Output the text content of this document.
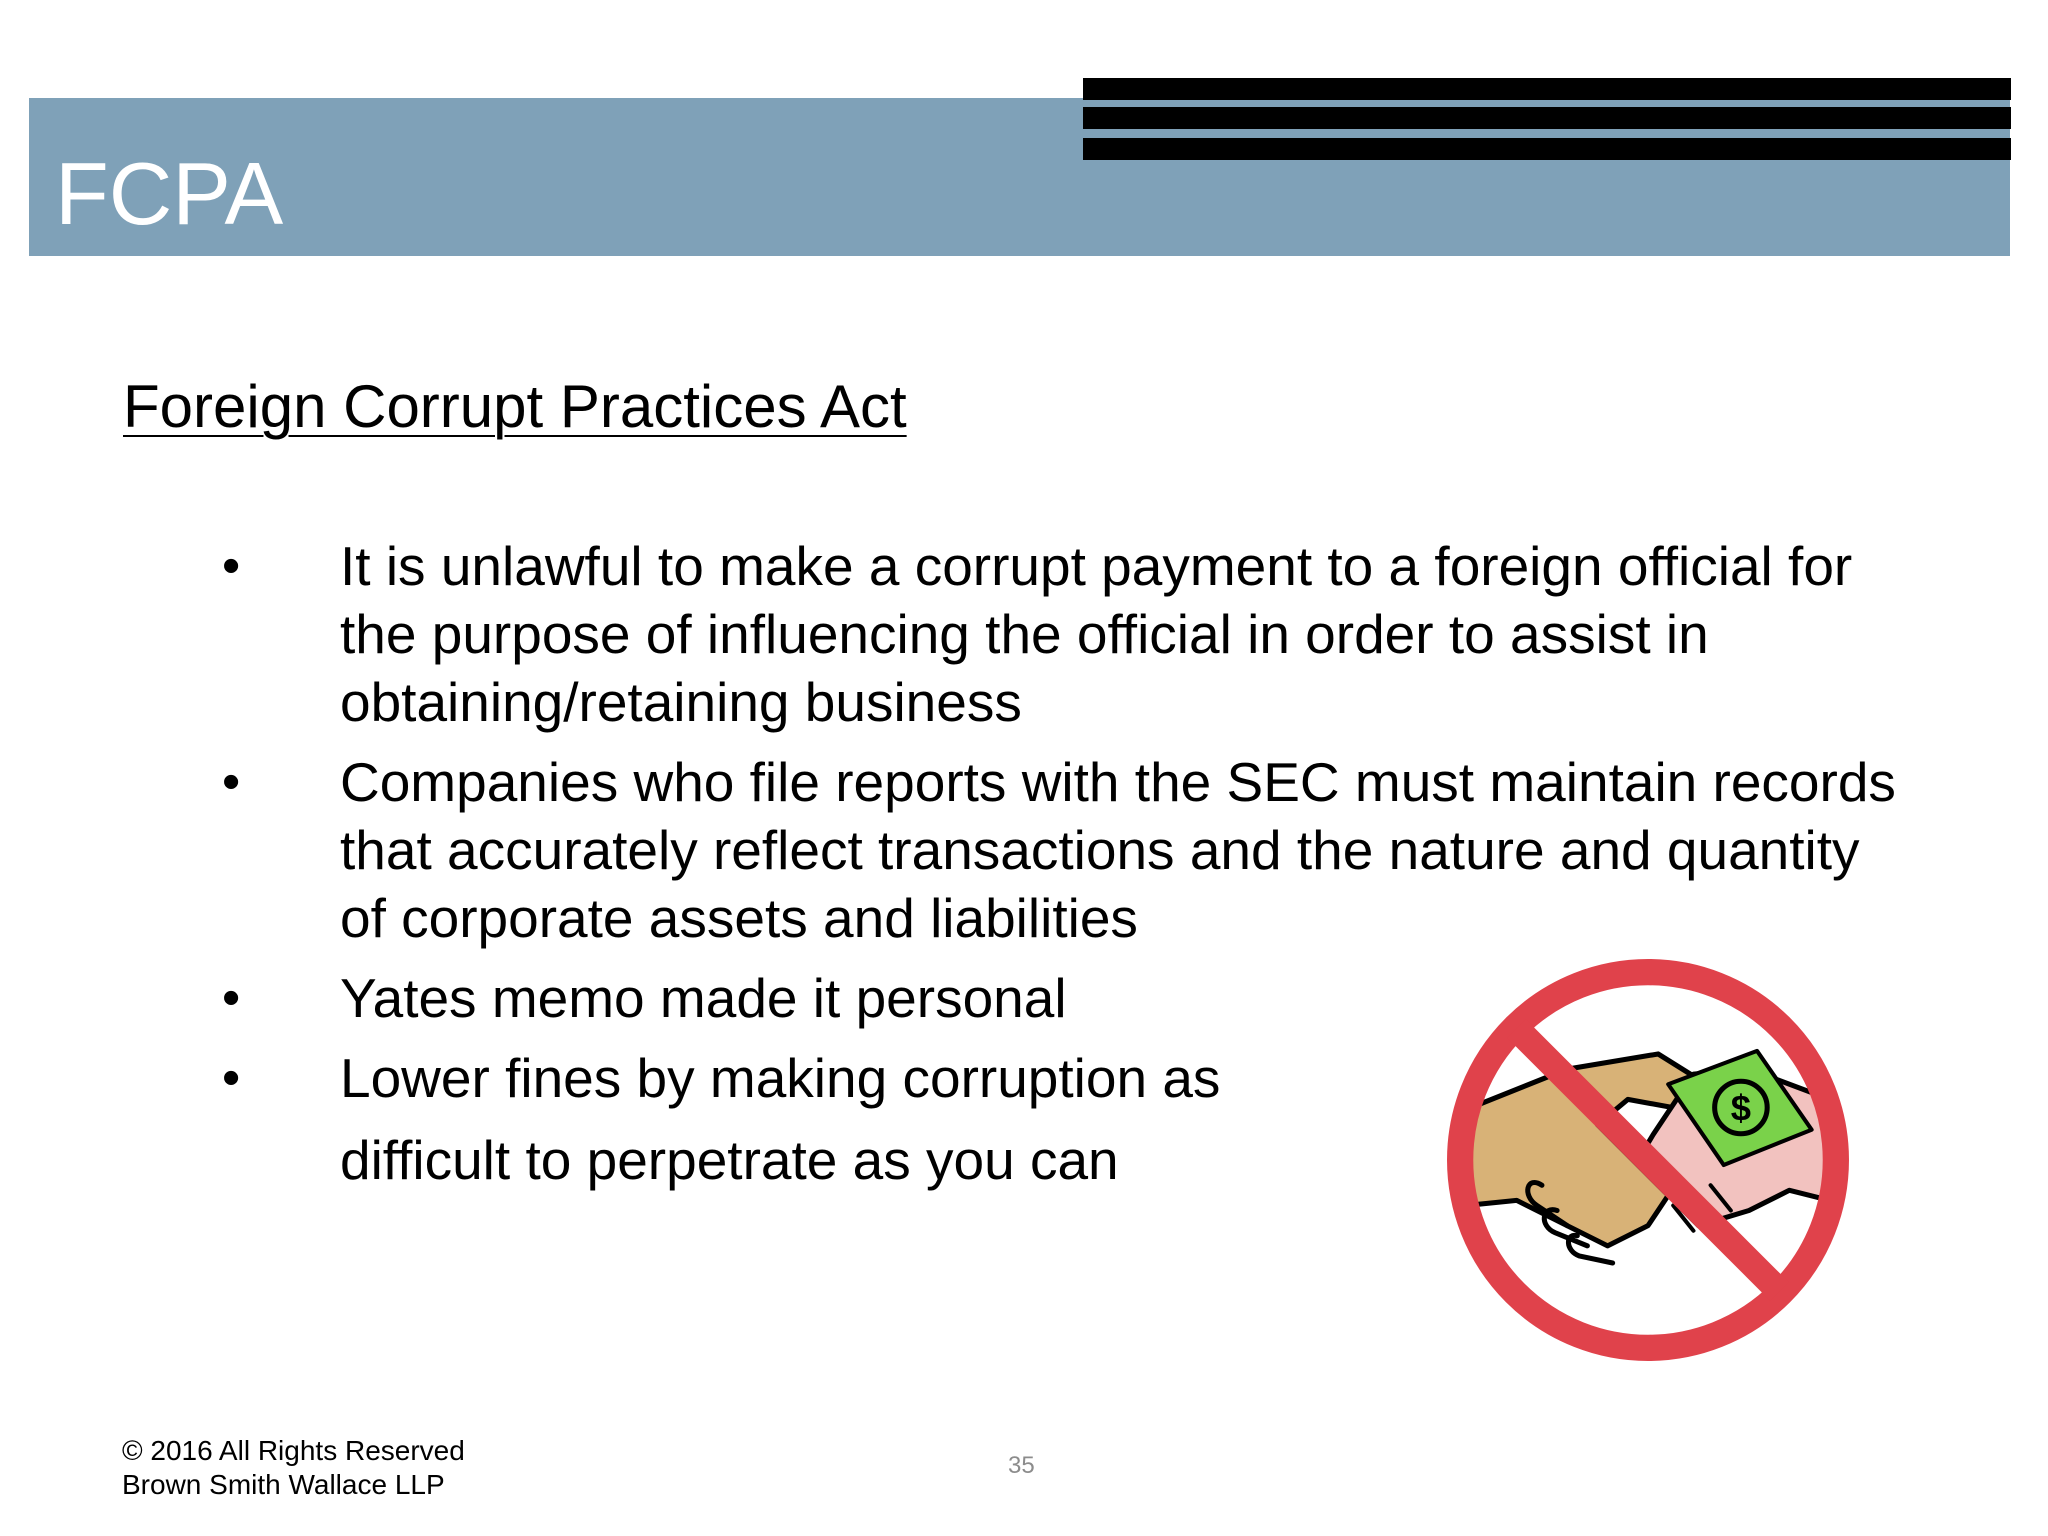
FCPA
Foreign Corrupt Practices Act
• It is unlawful to make a corrupt payment to a foreign official for the purpose of influencing the official in order to assist in obtaining/retaining business
• Companies who file reports with the SEC must maintain records that accurately reflect transactions and the nature and quantity of corporate assets and liabilities
• Yates memo made it personal
• Lower fines by making corruption as
difficult to perpetrate as you can
$
© 2016 All Rights Reserved
Brown Smith Wallace LLP
35
